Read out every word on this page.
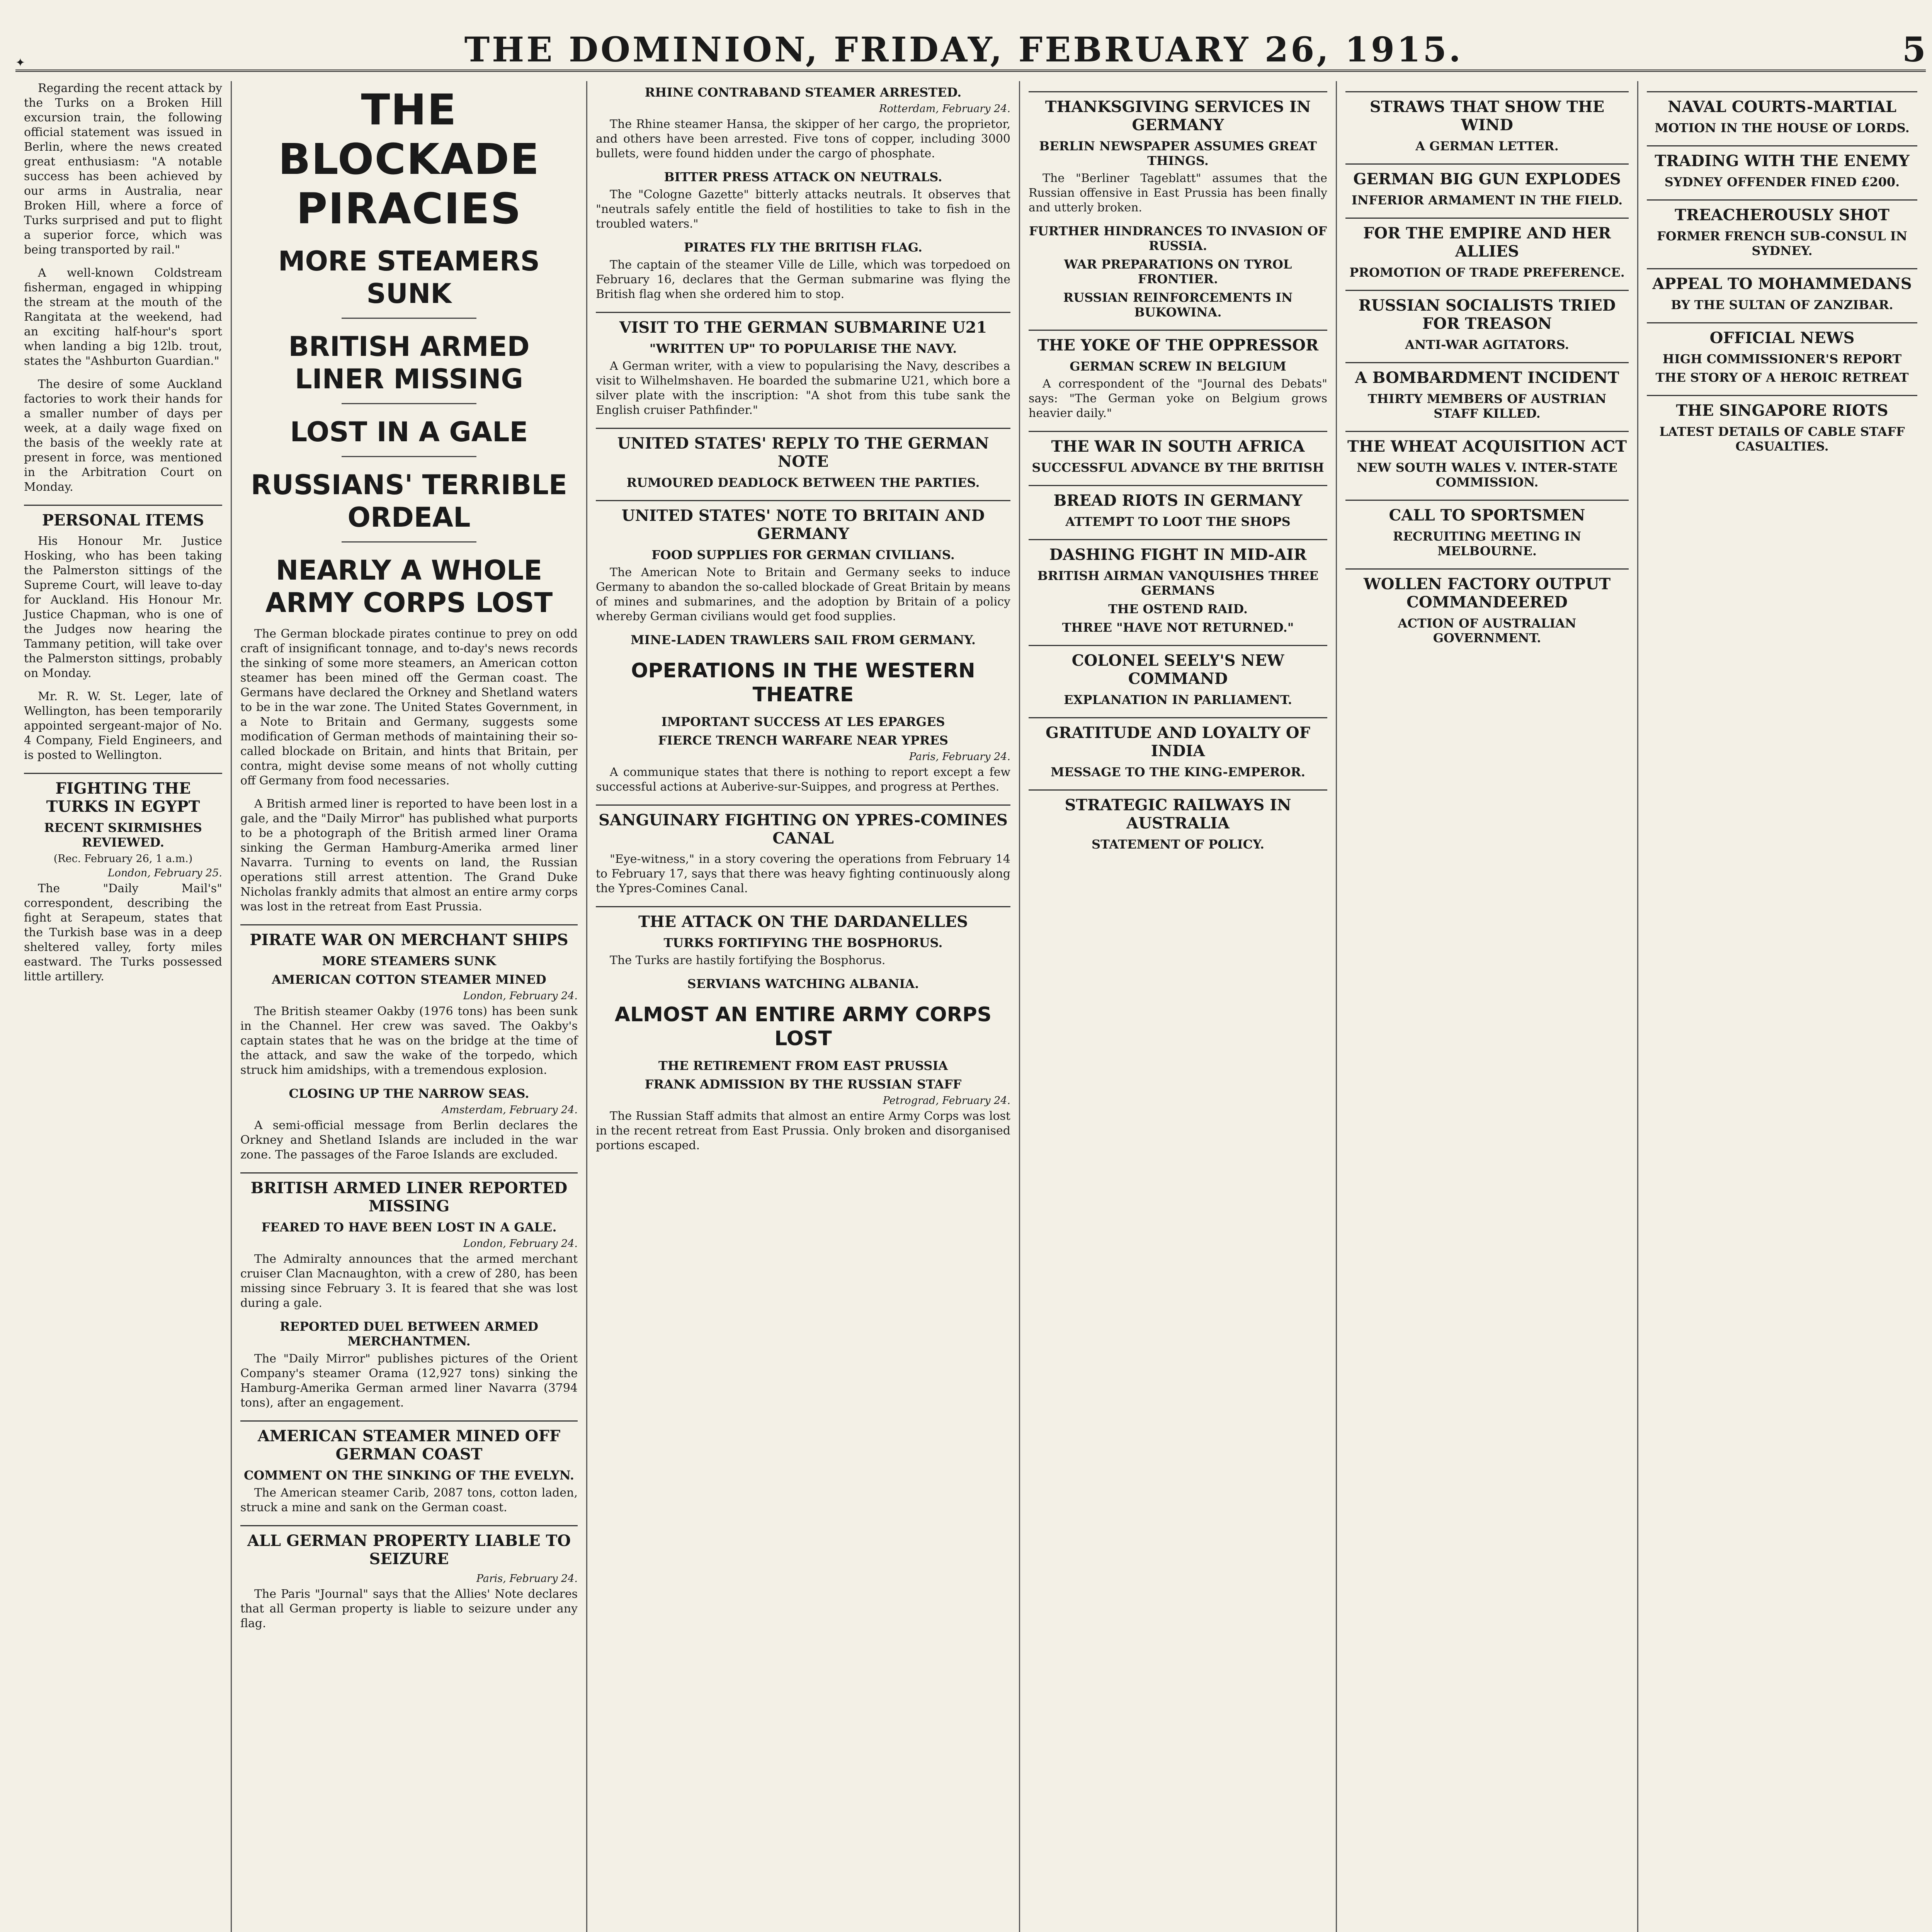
✦	THE DOMINION, FRIDAY, FEBRUARY 26, 1915.	5

Regarding the recent attack by the Turks on a Broken Hill excursion train, the following official statement was issued in Berlin, where the news created great enthusiasm: "A notable success has been achieved by our arms in Australia, near Broken Hill, where a force of Turks surprised and put to flight a superior force, which was being transported by rail."

A well-known Coldstream fisherman, engaged in whipping the stream at the mouth of the Rangitata at the weekend, had an exciting half-hour's sport when landing a big 12lb. trout, states the "Ashburton Guardian."

The desire of some Auckland factories to work their hands for a smaller number of days per week, at a daily wage fixed on the basis of the weekly rate at present in force, was mentioned in the Arbitration Court on Monday.

PERSONAL ITEMS

His Honour Mr. Justice Hosking, who has been taking the Palmerston sittings of the Supreme Court, will leave to-day for Auckland. His Honour Mr. Justice Chapman, who is one of the Judges now hearing the Tammany petition, will take over the Palmerston sittings, probably on Monday.

Mr. R. W. St. Leger, late of Wellington, has been temporarily appointed sergeant-major of No. 4 Company, Field Engineers, and is posted to Wellington.

FIGHTING THE TURKS IN EGYPT
RECENT SKIRMISHES REVIEWED.
(Rec. February 26, 1 a.m.)
London, February 25.

The "Daily Mail's" correspondent, describing the fight at Serapeum, states that the Turkish base was in a deep sheltered valley, forty miles eastward. The Turks possessed little artillery.

THE BLOCKADE PIRACIES
MORE STEAMERS SUNK
BRITISH ARMED LINER MISSING
LOST IN A GALE
RUSSIANS' TERRIBLE ORDEAL
NEARLY A WHOLE ARMY CORPS LOST

The German blockade pirates continue to prey on odd craft of insignificant tonnage, and to-day's news records the sinking of some more steamers, an American cotton steamer has been mined off the German coast. The Germans have declared the Orkney and Shetland waters to be in the war zone. The United States Government, in a Note to Britain and Germany, suggests some modification of German methods of maintaining their so-called blockade on Britain, and hints that Britain, per contra, might devise some means of not wholly cutting off Germany from food necessaries.

A British armed liner is reported to have been lost in a gale, and the "Daily Mirror" has published what purports to be a photograph of the British armed liner Orama sinking the German Hamburg-Amerika armed liner Navarra. Turning to events on land, the Russian operations still arrest attention. The Grand Duke Nicholas frankly admits that almost an entire army corps was lost in the retreat from East Prussia.

PIRATE WAR ON MERCHANT SHIPS
MORE STEAMERS SUNK
AMERICAN COTTON STEAMER MINED
London, February 24.

The British steamer Oakby (1976 tons) has been sunk in the Channel. Her crew was saved. The Oakby's captain states that he was on the bridge at the time of the attack, and saw the wake of the torpedo, which struck him amidships, with a tremendous explosion.

CLOSING UP THE NARROW SEAS.
Amsterdam, February 24.

A semi-official message from Berlin declares the Orkney and Shetland Islands are included in the war zone. The passages of the Faroe Islands are excluded.

BRITISH ARMED LINER REPORTED MISSING
FEARED TO HAVE BEEN LOST IN A GALE.
London, February 24.

The Admiralty announces that the armed merchant cruiser Clan Macnaughton, with a crew of 280, has been missing since February 3. It is feared that she was lost during a gale.

REPORTED DUEL BETWEEN ARMED MERCHANTMEN.

The "Daily Mirror" publishes pictures of the Orient Company's steamer Orama (12,927 tons) sinking the Hamburg-Amerika German armed liner Navarra (3794 tons), after an engagement.

AMERICAN STEAMER MINED OFF GERMAN COAST
COMMENT ON THE SINKING OF THE EVELYN.

The American steamer Carib, 2087 tons, cotton laden, struck a mine and sank on the German coast.

ALL GERMAN PROPERTY LIABLE TO SEIZURE
Paris, February 24.

The Paris "Journal" says that the Allies' Note declares that all German property is liable to seizure under any flag.

RHINE CONTRABAND STEAMER ARRESTED.
Rotterdam, February 24.

The Rhine steamer Hansa, the skipper of her cargo, the proprietor, and others have been arrested. Five tons of copper, including 3000 bullets, were found hidden under the cargo of phosphate.

BITTER PRESS ATTACK ON NEUTRALS.

The "Cologne Gazette" bitterly attacks neutrals. It observes that "neutrals safely entitle the field of hostilities to take to fish in the troubled waters."

PIRATES FLY THE BRITISH FLAG.

The captain of the steamer Ville de Lille, which was torpedoed on February 16, declares that the German submarine was flying the British flag when she ordered him to stop.

VISIT TO THE GERMAN SUBMARINE U21
"WRITTEN UP" TO POPULARISE THE NAVY.

A German writer, with a view to popularising the Navy, describes a visit to Wilhelmshaven. He boarded the submarine U21, which bore a silver plate with the inscription: "A shot from this tube sank the English cruiser Pathfinder."

UNITED STATES' REPLY TO THE GERMAN NOTE
RUMOURED DEADLOCK BETWEEN THE PARTIES.
UNITED STATES' NOTE TO BRITAIN AND GERMANY
FOOD SUPPLIES FOR GERMAN CIVILIANS.

The American Note to Britain and Germany seeks to induce Germany to abandon the so-called blockade of Great Britain by means of mines and submarines, and the adoption by Britain of a policy whereby German civilians would get food supplies.

MINE-LADEN TRAWLERS SAIL FROM GERMANY.
OPERATIONS IN THE WESTERN THEATRE
IMPORTANT SUCCESS AT LES EPARGES
FIERCE TRENCH WARFARE NEAR YPRES
Paris, February 24.

A communique states that there is nothing to report except a few successful actions at Auberive-sur-Suippes, and progress at Perthes.

SANGUINARY FIGHTING ON YPRES-COMINES CANAL

"Eye-witness," in a story covering the operations from February 14 to February 17, says that there was heavy fighting continuously along the Ypres-Comines Canal.

THE ATTACK ON THE DARDANELLES
TURKS FORTIFYING THE BOSPHORUS.

The Turks are hastily fortifying the Bosphorus.

SERVIANS WATCHING ALBANIA.
ALMOST AN ENTIRE ARMY CORPS LOST
THE RETIREMENT FROM EAST PRUSSIA
FRANK ADMISSION BY THE RUSSIAN STAFF
Petrograd, February 24.

The Russian Staff admits that almost an entire Army Corps was lost in the recent retreat from East Prussia. Only broken and disorganised portions escaped.

THANKSGIVING SERVICES IN GERMANY
BERLIN NEWSPAPER ASSUMES GREAT THINGS.

The "Berliner Tageblatt" assumes that the Russian offensive in East Prussia has been finally and utterly broken.

FURTHER HINDRANCES TO INVASION OF RUSSIA.
WAR PREPARATIONS ON TYROL FRONTIER.
RUSSIAN REINFORCEMENTS IN BUKOWINA.
THE YOKE OF THE OPPRESSOR
GERMAN SCREW IN BELGIUM

A correspondent of the "Journal des Debats" says: "The German yoke on Belgium grows heavier daily."

THE WAR IN SOUTH AFRICA
SUCCESSFUL ADVANCE BY THE BRITISH
BREAD RIOTS IN GERMANY
ATTEMPT TO LOOT THE SHOPS
DASHING FIGHT IN MID-AIR
BRITISH AIRMAN VANQUISHES THREE GERMANS
THE OSTEND RAID.
THREE "HAVE NOT RETURNED."
COLONEL SEELY'S NEW COMMAND
EXPLANATION IN PARLIAMENT.
GRATITUDE AND LOYALTY OF INDIA
MESSAGE TO THE KING-EMPEROR.
STRATEGIC RAILWAYS IN AUSTRALIA
STATEMENT OF POLICY.
STRAWS THAT SHOW THE WIND
A GERMAN LETTER.
GERMAN BIG GUN EXPLODES
INFERIOR ARMAMENT IN THE FIELD.
FOR THE EMPIRE AND HER ALLIES
PROMOTION OF TRADE PREFERENCE.
RUSSIAN SOCIALISTS TRIED FOR TREASON
ANTI-WAR AGITATORS.
A BOMBARDMENT INCIDENT
THIRTY MEMBERS OF AUSTRIAN STAFF KILLED.
THE WHEAT ACQUISITION ACT
NEW SOUTH WALES V. INTER-STATE COMMISSION.
CALL TO SPORTSMEN
RECRUITING MEETING IN MELBOURNE.
WOLLEN FACTORY OUTPUT COMMANDEERED
ACTION OF AUSTRALIAN GOVERNMENT.
NAVAL COURTS-MARTIAL
MOTION IN THE HOUSE OF LORDS.
TRADING WITH THE ENEMY
SYDNEY OFFENDER FINED £200.
TREACHEROUSLY SHOT
FORMER FRENCH SUB-CONSUL IN SYDNEY.
APPEAL TO MOHAMMEDANS
BY THE SULTAN OF ZANZIBAR.
OFFICIAL NEWS
HIGH COMMISSIONER'S REPORT
THE STORY OF A HEROIC RETREAT
THE SINGAPORE RIOTS
LATEST DETAILS OF CABLE STAFF CASUALTIES.
